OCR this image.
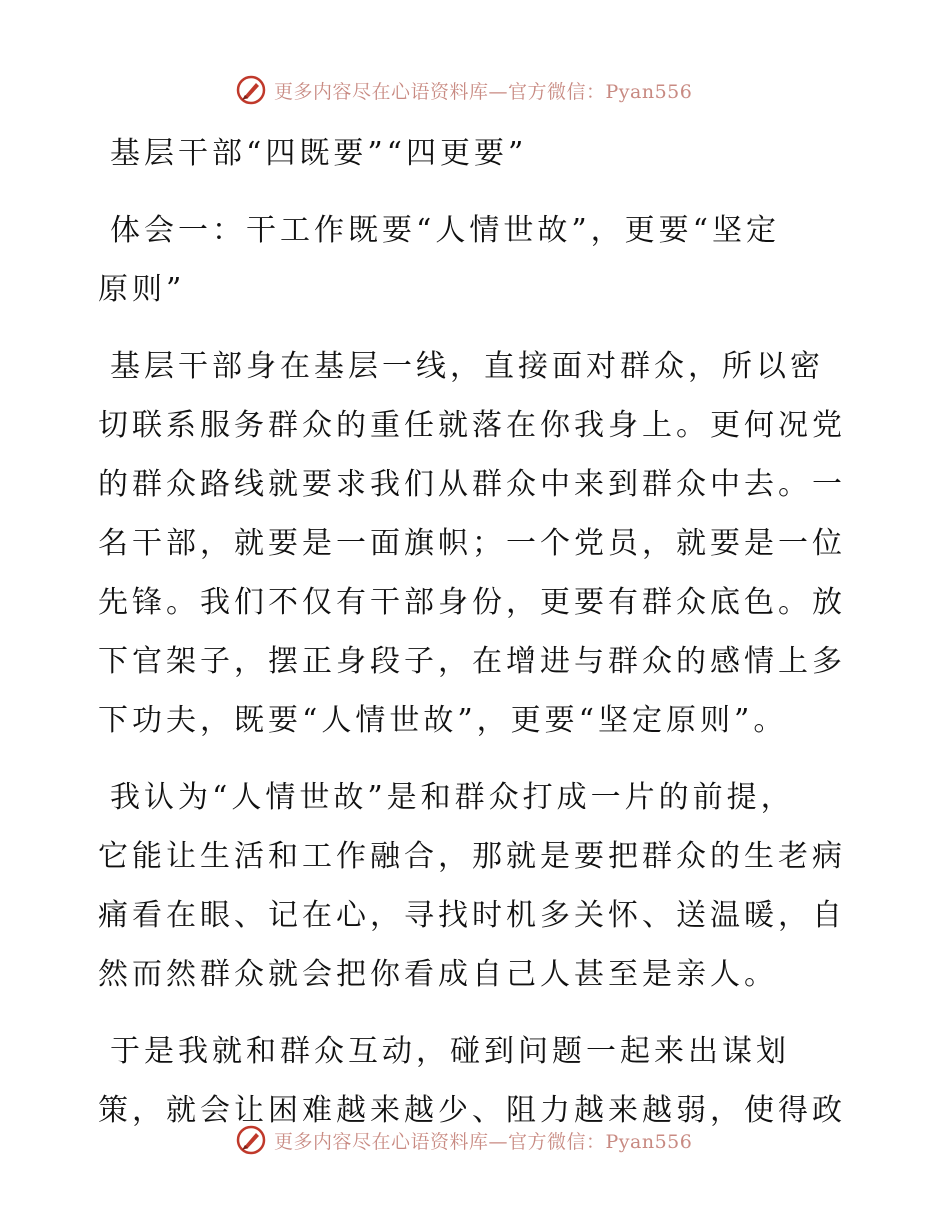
更多内容尽在心语资料库—官方微信：Pyan556
基层干部“四既要”“四更要”
体会一：干工作既要“人情世故”，更要“坚定
原则”
基层干部身在基层一线，直接面对群众，所以密
切联系服务群众的重任就落在你我身上。更何况党
的群众路线就要求我们从群众中来到群众中去。一
名干部，就要是一面旗帜；一个党员，就要是一位
先锋。我们不仅有干部身份，更要有群众底色。放
下官架子，摆正身段子，在增进与群众的感情上多
下功夫，既要“人情世故”，更要“坚定原则”。
我认为“人情世故”是和群众打成一片的前提，
它能让生活和工作融合，那就是要把群众的生老病
痛看在眼、记在心，寻找时机多关怀、送温暖，自
然而然群众就会把你看成自己人甚至是亲人。
于是我就和群众互动，碰到问题一起来出谋划
策，就会让困难越来越少、阻力越来越弱，使得政
更多内容尽在心语资料库—官方微信：Pyan556
